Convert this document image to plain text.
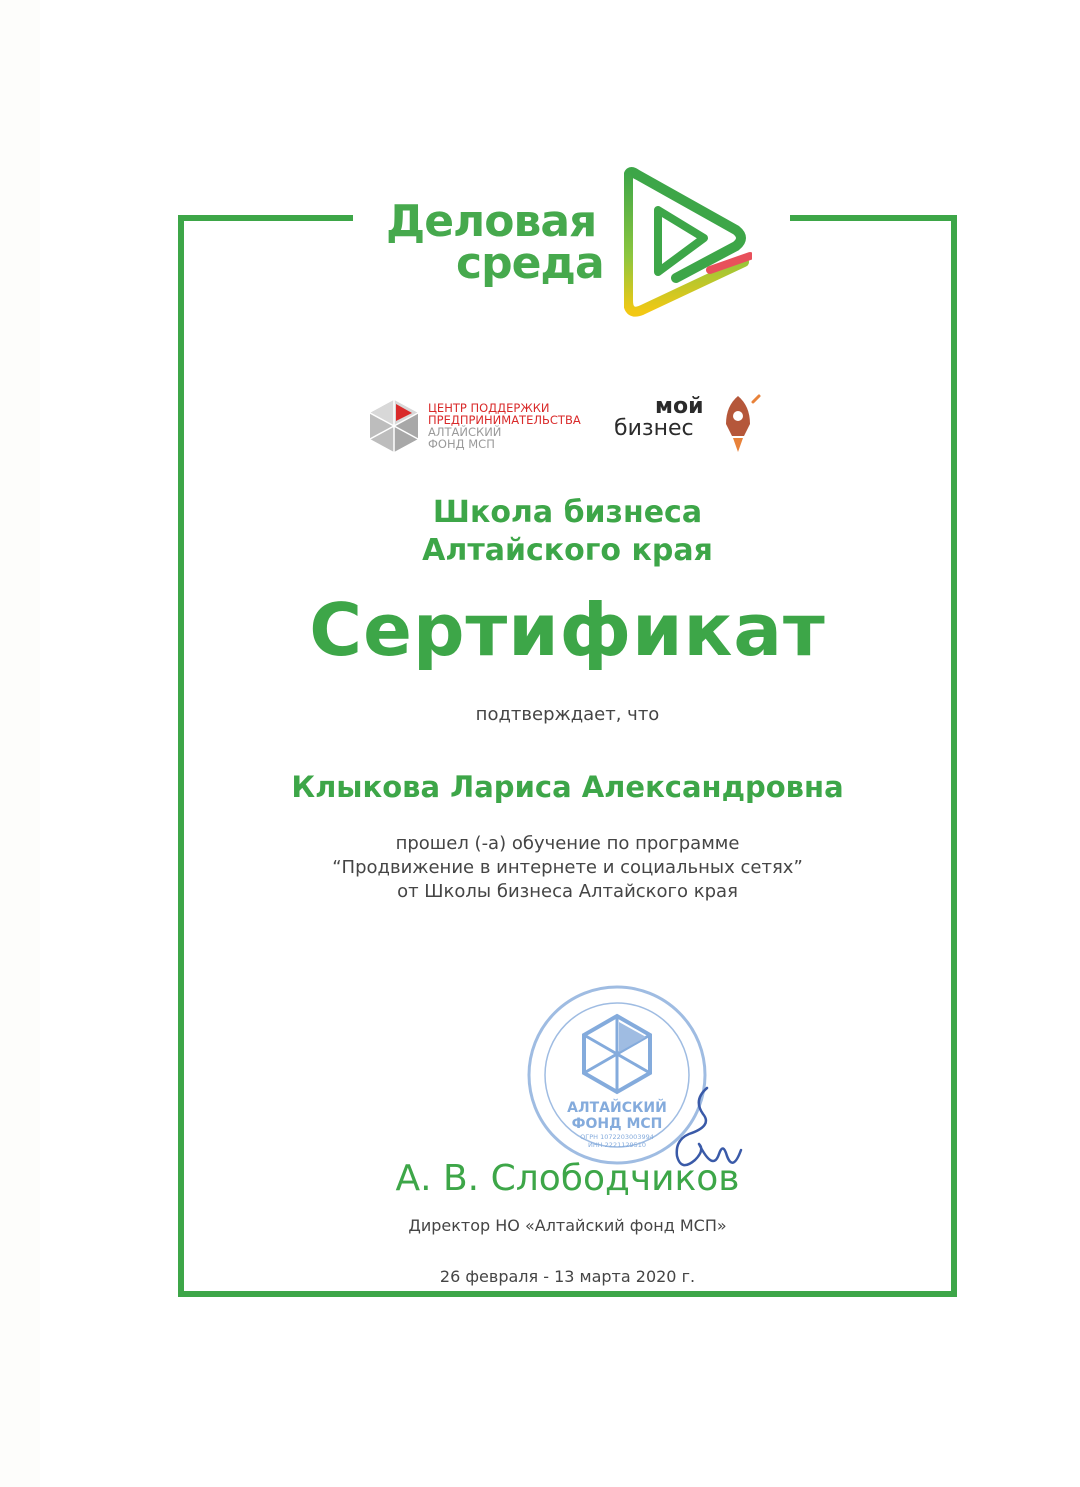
Деловая
среда
ЦЕНТР ПОДДЕРЖКИ
ПРЕДПРИНИМАТЕЛЬСТВА
АЛТАЙСКИЙ
ФОНД МСП
мой
бизнес
Школа бизнеса
Алтайского края
Сертификат
подтверждает, что
Клыкова Лариса Александровна
прошел (-а) обучение по программе
“Продвижение в интернете и социальных сетях”
от Школы бизнеса Алтайского края
АЛТАЙСКИЙ
ФОНД МСП
ОГРН 1072203003994
ИНН 2221129510
А. В. Слободчиков
Директор НО «Алтайский фонд МСП»
26 февраля - 13 марта 2020 г.
